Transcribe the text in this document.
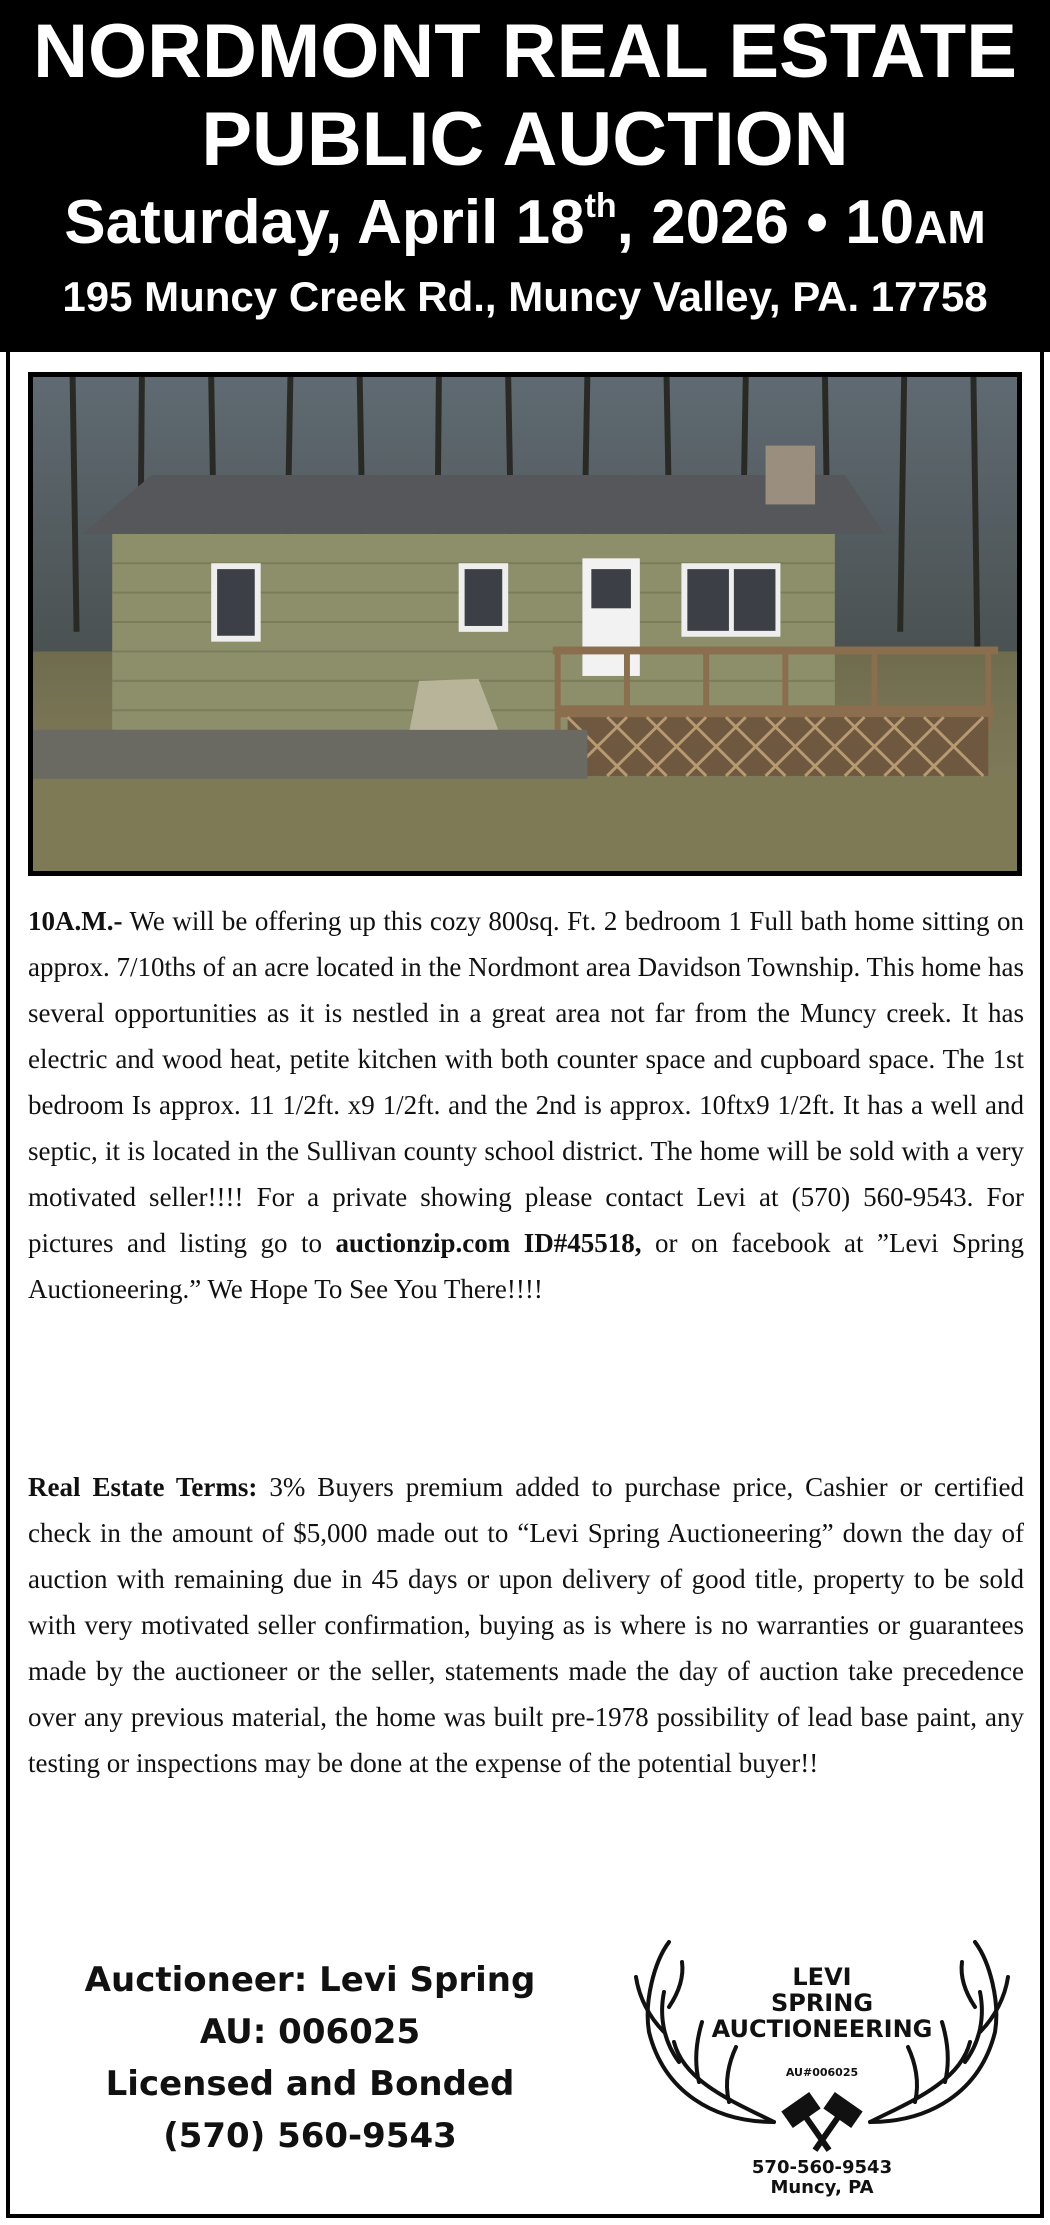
NORDMONT REAL ESTATE
PUBLIC AUCTION
Saturday, April 18th, 2026 • 10AM
195 Muncy Creek Rd., Muncy Valley, PA. 17758
10A.M.- We will be offering up this cozy 800sq. Ft. 2 bedroom 1 Full bath home sitting on approx. 7/10ths of an acre located in the Nordmont area Davidson Township. This home has several opportunities as it is nestled in a great area not far from the Muncy creek. It has electric and wood heat, petite kitchen with both counter space and cupboard space. The 1st bedroom Is approx. 11 1/2ft. x9 1/2ft. and the 2nd is approx. 10ftx9 1/2ft. It has a well and septic, it is located in the Sullivan county school district. The home will be sold with a very motivated seller!!!! For a private showing please contact Levi at (570) 560-9543. For pictures and listing go to auctionzip.com ID#45518, or on facebook at ”Levi Spring Auctioneering.” We Hope To See You There!!!!
Real Estate Terms: 3% Buyers premium added to purchase price, Cashier or certified check in the amount of $5,000 made out to “Levi Spring Auctioneering” down the day of auction with remaining due in 45 days or upon delivery of good title, property to be sold with very motivated seller confirmation, buying as is where is no warranties or guarantees made by the auctioneer or the seller, statements made the day of auction take precedence over any previous material, the home was built pre-1978 possibility of lead base paint, any testing or inspections may be done at the expense of the potential buyer!!
Auctioneer: Levi Spring
AU: 006025
Licensed and Bonded
(570) 560-9543
LEVI
SPRING
AUCTIONEERING
AU#006025
570-560-9543
Muncy, PA
